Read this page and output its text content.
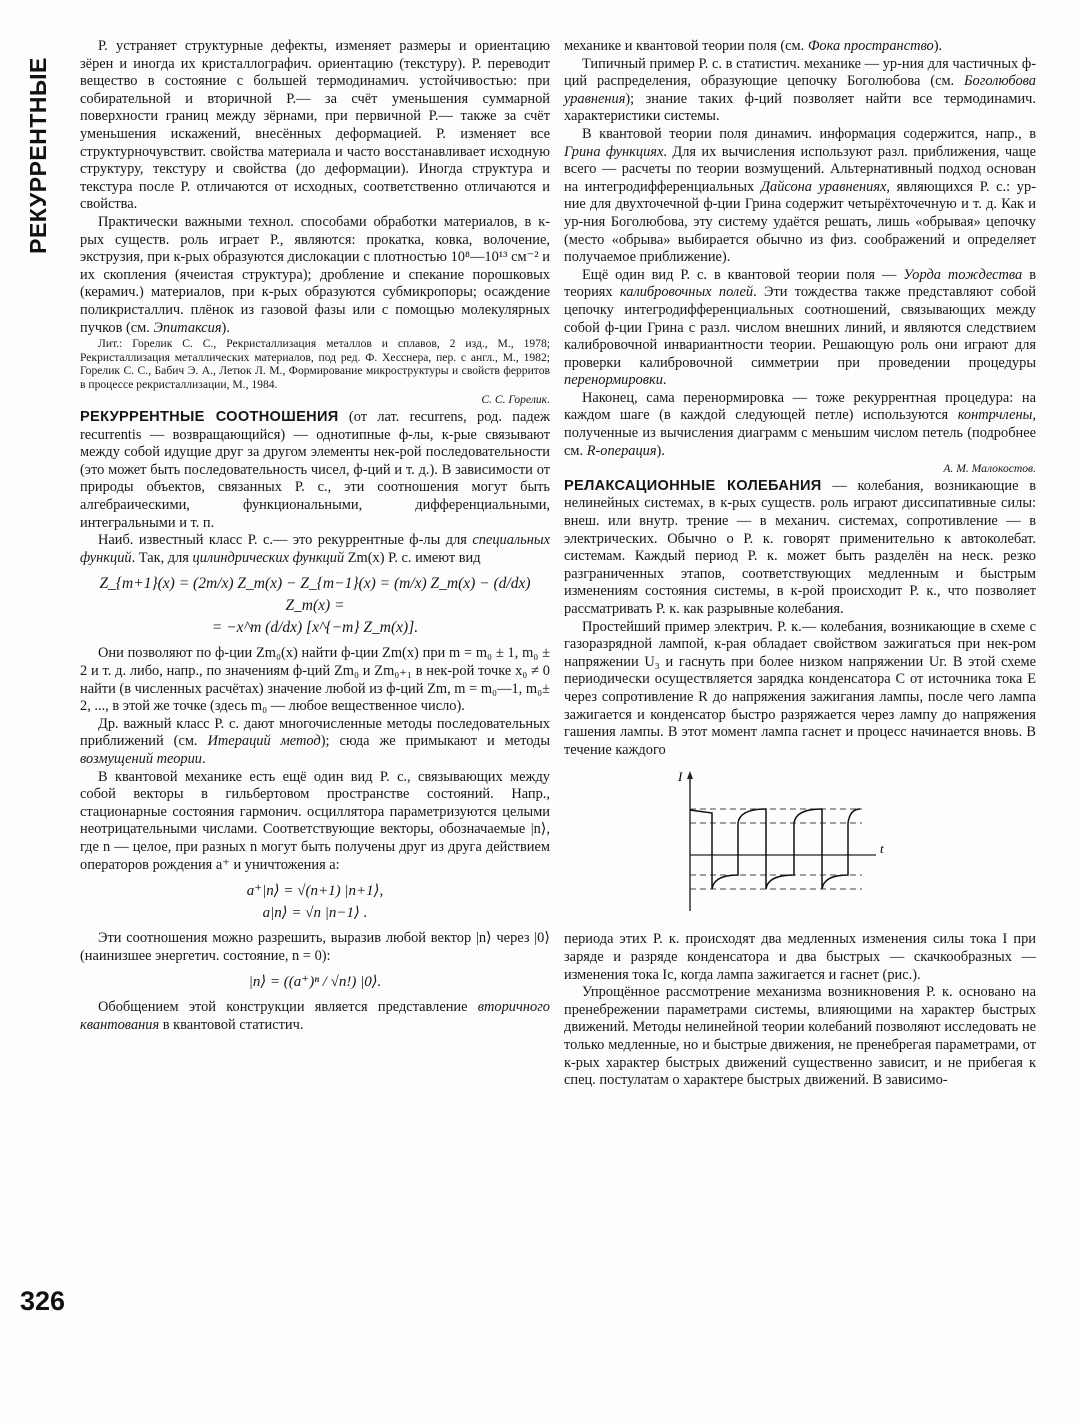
РЕКУРРЕНТНЫЕ
326

Р. устраняет структурные дефекты, изменяет размеры и ориентацию зёрен и иногда их кристаллографич. ориентацию (текстуру). Р. переводит вещество в состояние с большей термодинамич. устойчивостью: при собирательной и вторичной Р.— за счёт уменьшения суммарной поверхности границ между зёрнами, при первичной Р.— также за счёт уменьшения искажений, внесённых деформацией. Р. изменяет все структурночувствит. свойства материала и часто восстанавливает исходную структуру, текстуру и свойства (до деформации). Иногда структура и текстура после Р. отличаются от исходных, соответственно отличаются и свойства.

Практически важными технол. способами обработки материалов, в к-рых существ. роль играет Р., являются: прокатка, ковка, волочение, экструзия, при к-рых образуются дислокации с плотностью 10⁸—10¹³ см⁻² и их скопления (ячеистая структура); дробление и спекание порошковых (керамич.) материалов, при к-рых образуются субмикропоры; осаждение поликристаллич. плёнок из газовой фазы или с помощью молекулярных пучков (см. Эпитаксия).

Лит.: Горелик С. С., Рекристаллизация металлов и сплавов, 2 изд., М., 1978; Рекристаллизация металлических материалов, под ред. Ф. Хесснера, пер. с англ., М., 1982; Горелик С. С., Бабич Э. А., Летюк Л. М., Формирование микроструктуры и свойств ферритов в процессе рекристаллизации, М., 1984.

С. С. Горелик.

РЕКУРРЕНТНЫЕ СООТНОШЕНИЯ (от лат. recurrens, род. падеж recurrentis — возвращающийся) — однотипные ф-лы, к-рые связывают между собой идущие друг за другом элементы нек-рой последовательности (это может быть последовательность чисел, ф-ций и т. д.). В зависимости от природы объектов, связанных Р. с., эти соотношения могут быть алгебраическими, функциональными, дифференциальными, интегральными и т. п.

Наиб. известный класс Р. с.— это рекуррентные ф-лы для специальных функций. Так, для цилиндрических функций Zm(x) Р. с. имеют вид

Z_{m+1}(x) = (2m/x) Z_m(x) − Z_{m−1}(x) = (m/x) Z_m(x) − (d/dx) Z_m(x) =
= −x^m (d/dx) [x^{−m} Z_m(x)].

Они позволяют по ф-ции Zm₀(x) найти ф-ции Zm(x) при m = m₀ ± 1, m₀ ± 2 и т. д. либо, напр., по значениям ф-ций Zm₀ и Zm₀₊₁ в нек-рой точке x₀ ≠ 0 найти (в численных расчётах) значение любой из ф-ций Zm, m = m₀—1, m₀± 2, ..., в этой же точке (здесь m₀ — любое вещественное число).

Др. важный класс Р. с. дают многочисленные методы последовательных приближений (см. Итераций метод); сюда же примыкают и методы возмущений теории.

В квантовой механике есть ещё один вид Р. с., связывающих между собой векторы в гильбертовом пространстве состояний. Напр., стационарные состояния гармонич. осциллятора параметризуются целыми неотрицательными числами. Соответствующие векторы, обозначаемые |n⟩, где n — целое, при разных n могут быть получены друг из друга действием операторов рождения a⁺ и уничтожения a:

a⁺|n⟩ = √(n+1) |n+1⟩,
a|n⟩ = √n |n−1⟩ .

Эти соотношения можно разрешить, выразив любой вектор |n⟩ через |0⟩ (наинизшее энергетич. состояние, n = 0):

|n⟩ = ((a⁺)ⁿ / √n!) |0⟩.

Обобщением этой конструкции является представление вторичного квантования в квантовой статистич.

механике и квантовой теории поля (см. Фока пространство).

Типичный пример Р. с. в статистич. механике — ур-ния для частичных ф-ций распределения, образующие цепочку Боголюбова (см. Боголюбова уравнения); знание таких ф-ций позволяет найти все термодинамич. характеристики системы.

В квантовой теории поля динамич. информация содержится, напр., в Грина функциях. Для их вычисления используют разл. приближения, чаще всего — расчеты по теории возмущений. Альтернативный подход основан на интегродифференциальных Дайсона уравнениях, являющихся Р. с.: ур-ние для двухточечной ф-ции Грина содержит четырёхточечную и т. д. Как и ур-ния Боголюбова, эту систему удаётся решать, лишь «обрывая» цепочку (место «обрыва» выбирается обычно из физ. соображений и определяет получаемое приближение).

Ещё один вид Р. с. в квантовой теории поля — Уорда тождества в теориях калибровочных полей. Эти тождества также представляют собой цепочку интегродифференциальных соотношений, связывающих между собой ф-ции Грина с разл. числом внешних линий, и являются следствием калибровочной инвариантности теории. Решающую роль они играют для проверки калибровочной симметрии при проведении процедуры перенормировки.

Наконец, сама перенормировка — тоже рекуррентная процедура: на каждом шаге (в каждой следующей петле) используются контрчлены, полученные из вычисления диаграмм с меньшим числом петель (подробнее см. R-операция).

А. М. Малокостов.

РЕЛАКСАЦИОННЫЕ КОЛЕБАНИЯ — колебания, возникающие в нелинейных системах, в к-рых существ. роль играют диссипативные силы: внеш. или внутр. трение — в механич. системах, сопротивление — в электрических. Обычно о Р. к. говорят применительно к автоколебат. системам. Каждый период Р. к. может быть разделён на неск. резко разграниченных этапов, соответствующих медленным и быстрым изменениям состояния системы, в к-рой происходит Р. к., что позволяет рассматривать Р. к. как разрывные колебания.

Простейший пример электрич. Р. к.— колебания, возникающие в схеме с газоразрядной лампой, к-рая обладает свойством зажигаться при нек-ром напряжении U₃ и гаснуть при более низком напряжении Uг. В этой схеме периодически осуществляется зарядка конденсатора C от источника тока E через сопротивление R до напряжения зажигания лампы, после чего лампа зажигается и конденсатор быстро разряжается через лампу до напряжения гашения лампы. В этот момент лампа гаснет и процесс начинается вновь. В течение каждого

I
t

периода этих Р. к. происходят два медленных изменения силы тока I при заряде и разряде конденсатора и два быстрых — скачкообразных — изменения тока Iс, когда лампа зажигается и гаснет (рис.).

Упрощённое рассмотрение механизма возникновения Р. к. основано на пренебрежении параметрами системы, влияющими на характер быстрых движений. Методы нелинейной теории колебаний позволяют исследовать не только медленные, но и быстрые движения, не пренебрегая параметрами, от к-рых характер быстрых движений существенно зависит, и не прибегая к спец. постулатам о характере быстрых движений. В зависимо-
